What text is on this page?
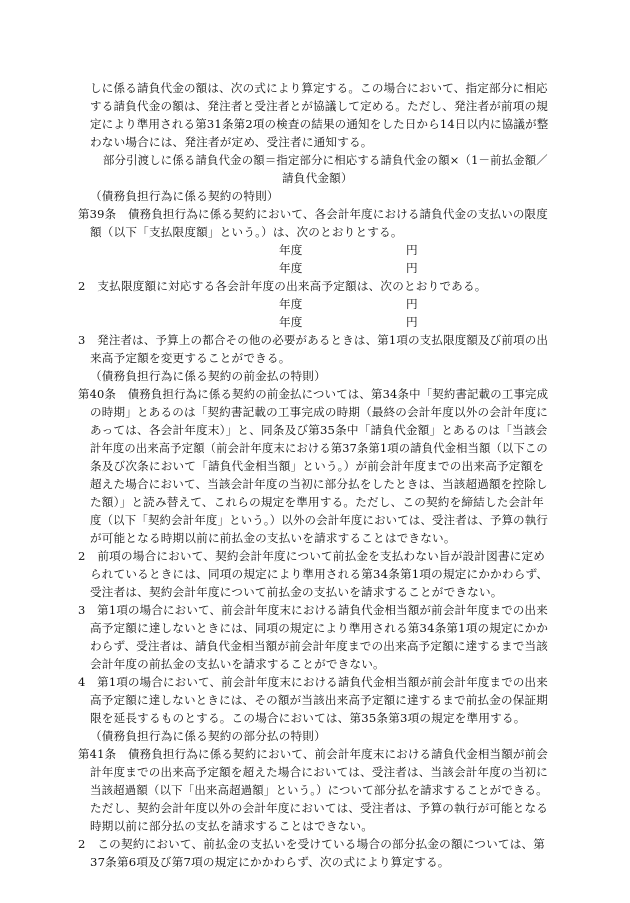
しに係る請負代金の額は、次の式により算定する。この場合において、指定部分に相応
する請負代金の額は、発注者と受注者とが協議して定める。ただし、発注者が前項の規
定により準用される第31条第2項の検査の結果の通知をした日から14日以内に協議が整
わない場合には、発注者が定め、受注者に通知する。
部分引渡しに係る請負代金の額＝指定部分に相応する請負代金の額×（1－前払金額／
請負代金額）
（債務負担行為に係る契約の特則）
第39条　債務負担行為に係る契約において、各会計年度における請負代金の支払いの限度
額（以下「支払限度額」という。）は、次のとおりとする。
年度	円
年度	円
2　支払限度額に対応する各会計年度の出来高予定額は、次のとおりである。
年度	円
年度	円
3　発注者は、予算上の都合その他の必要があるときは、第1項の支払限度額及び前項の出
来高予定額を変更することができる。
（債務負担行為に係る契約の前金払の特則）
第40条　債務負担行為に係る契約の前金払については、第34条中「契約書記載の工事完成
の時期」とあるのは「契約書記載の工事完成の時期（最終の会計年度以外の会計年度に
あっては、各会計年度末）」と、同条及び第35条中「請負代金額」とあるのは「当該会
計年度の出来高予定額（前会計年度末における第37条第1項の請負代金相当額（以下この
条及び次条において「請負代金相当額」という。）が前会計年度までの出来高予定額を
超えた場合において、当該会計年度の当初に部分払をしたときは、当該超過額を控除し
た額）」と読み替えて、これらの規定を準用する。ただし、この契約を締結した会計年
度（以下「契約会計年度」という。）以外の会計年度においては、受注者は、予算の執行
が可能となる時期以前に前払金の支払いを請求することはできない。
2　前項の場合において、契約会計年度について前払金を支払わない旨が設計図書に定め
られているときには、同項の規定により準用される第34条第1項の規定にかかわらず、
受注者は、契約会計年度について前払金の支払いを請求することができない。
3　第1項の場合において、前会計年度末における請負代金相当額が前会計年度までの出来
高予定額に達しないときには、同項の規定により準用される第34条第1項の規定にかか
わらず、受注者は、請負代金相当額が前会計年度までの出来高予定額に達するまで当該
会計年度の前払金の支払いを請求することができない。
4　第1項の場合において、前会計年度末における請負代金相当額が前会計年度までの出来
高予定額に達しないときには、その額が当該出来高予定額に達するまで前払金の保証期
限を延長するものとする。この場合においては、第35条第3項の規定を準用する。
（債務負担行為に係る契約の部分払の特則）
第41条　債務負担行為に係る契約において、前会計年度末における請負代金相当額が前会
計年度までの出来高予定額を超えた場合においては、受注者は、当該会計年度の当初に
当該超過額（以下「出来高超過額」という。）について部分払を請求することができる。
ただし、契約会計年度以外の会計年度においては、受注者は、予算の執行が可能となる
時期以前に部分払の支払を請求することはできない。
2　この契約において、前払金の支払いを受けている場合の部分払金の額については、第
37条第6項及び第7項の規定にかかわらず、次の式により算定する。
